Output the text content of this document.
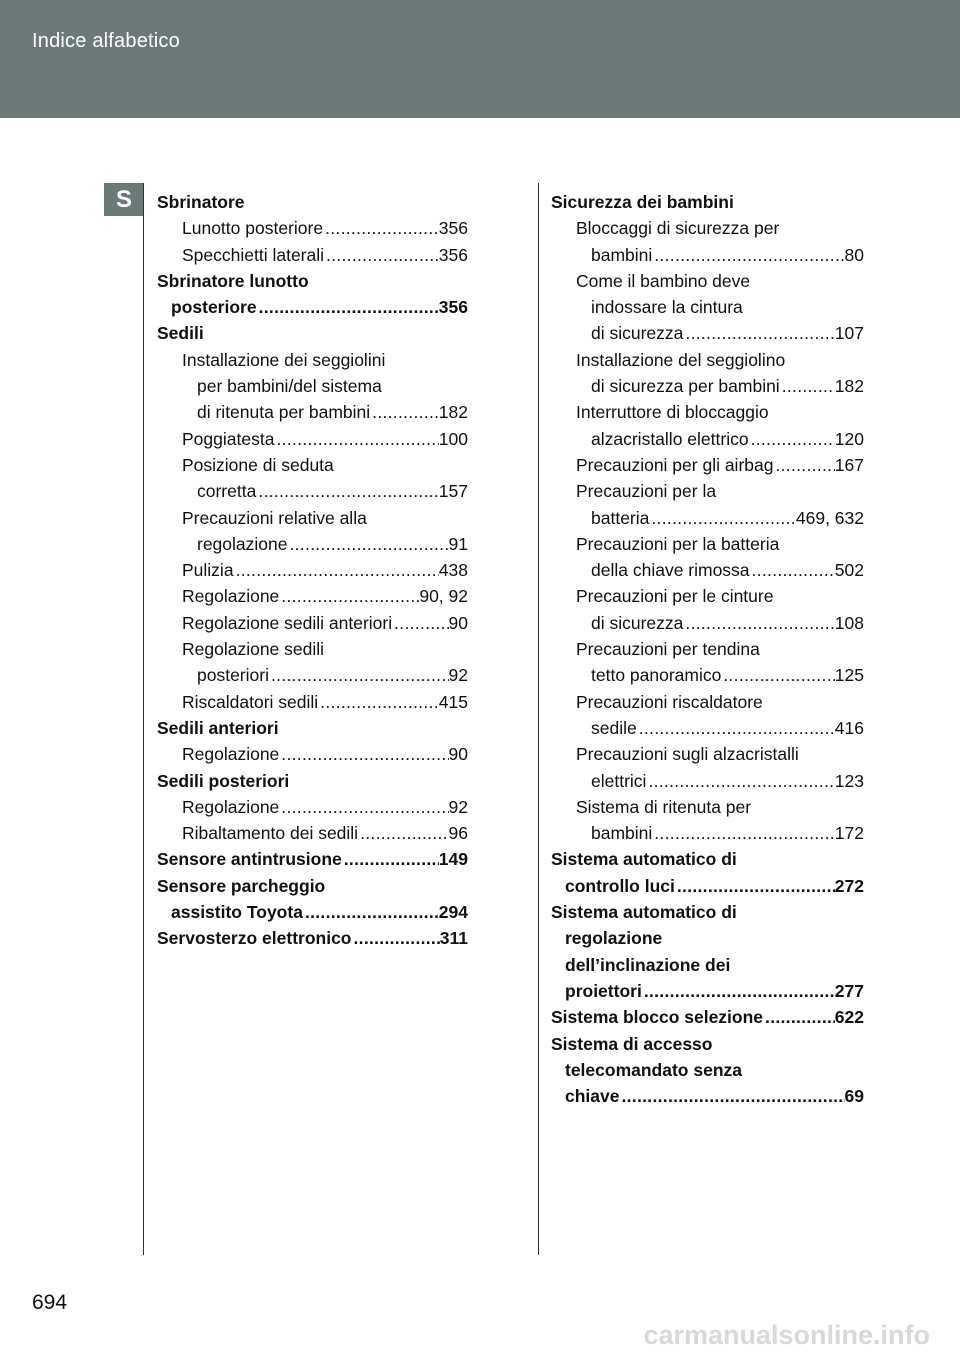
Indice alfabetico
S	Sbrinatore
Lunotto posteriore .....	356
Specchietti laterali .....	356
Sbrinatore lunotto
posteriore .....	356
Sedili
Installazione dei seggiolini
per bambini/del sistema
di ritenuta per bambini .....	182
Poggiatesta .....	100
Posizione di seduta
corretta .....	157
Precauzioni relative alla
regolazione .....	91
Pulizia .....	438
Regolazione .....	90, 92
Regolazione sedili anteriori .....	90
Regolazione sedili
posteriori .....	92
Riscaldatori sedili .....	415
Sedili anteriori
Regolazione .....	90
Sedili posteriori
Regolazione .....	92
Ribaltamento dei sedili .....	96
Sensore antintrusione .....	149
Sensore parcheggio
assistito Toyota .....	294
Servosterzo elettronico .....	311
Sicurezza dei bambini
Bloccaggi di sicurezza per
bambini .....	80
Come il bambino deve
indossare la cintura
di sicurezza .....	107
Installazione del seggiolino
di sicurezza per bambini .....	182
Interruttore di bloccaggio
alzacristallo elettrico .....	120
Precauzioni per gli airbag .....	167
Precauzioni per la
batteria .....	469, 632
Precauzioni per la batteria
della chiave rimossa .....	502
Precauzioni per le cinture
di sicurezza .....	108
Precauzioni per tendina
tetto panoramico .....	125
Precauzioni riscaldatore
sedile .....	416
Precauzioni sugli alzacristalli
elettrici .....	123
Sistema di ritenuta per
bambini .....	172
Sistema automatico di
controllo luci .....	272
Sistema automatico di
regolazione
dell’inclinazione dei
proiettori .....	277
Sistema blocco selezione .....	622
Sistema di accesso
telecomandato senza
chiave .....	69
694
carmanualsonline.info
